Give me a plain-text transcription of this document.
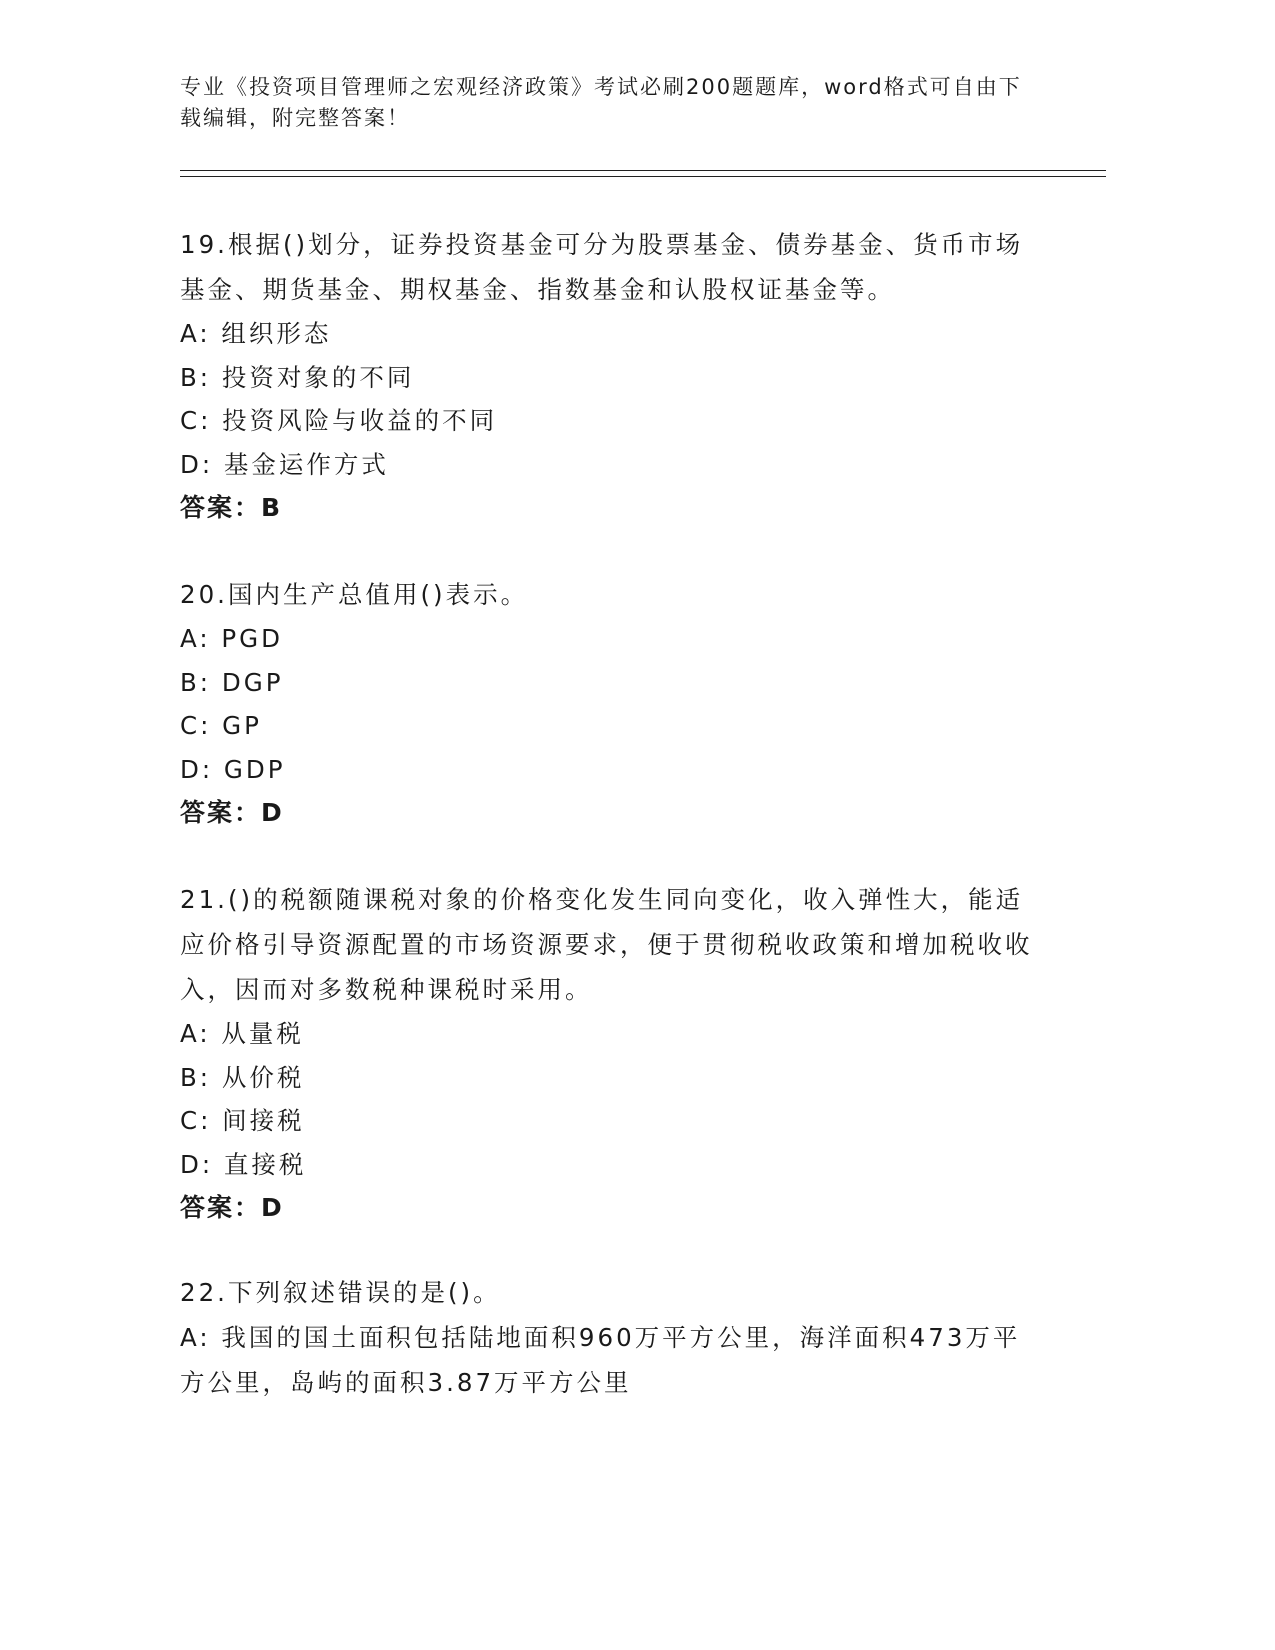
专业《投资项目管理师之宏观经济政策》考试必刷200题题库，word格式可自由下载编辑，附完整答案！

19.根据()划分，证券投资基金可分为股票基金、债券基金、货币市场基金、期货基金、期权基金、指数基金和认股权证基金等。

A: 组织形态
B: 投资对象的不同
C: 投资风险与收益的不同
D: 基金运作方式
答案：B

20.国内生产总值用()表示。

A: PGD
B: DGP
C: GP
D: GDP
答案：D

21.()的税额随课税对象的价格变化发生同向变化，收入弹性大，能适应价格引导资源配置的市场资源要求，便于贯彻税收政策和增加税收收入，因而对多数税种课税时采用。

A: 从量税
B: 从价税
C: 间接税
D: 直接税
答案：D

22.下列叙述错误的是()。

A: 我国的国土面积包括陆地面积960万平方公里，海洋面积473万平方公里，岛屿的面积3.87万平方公里
